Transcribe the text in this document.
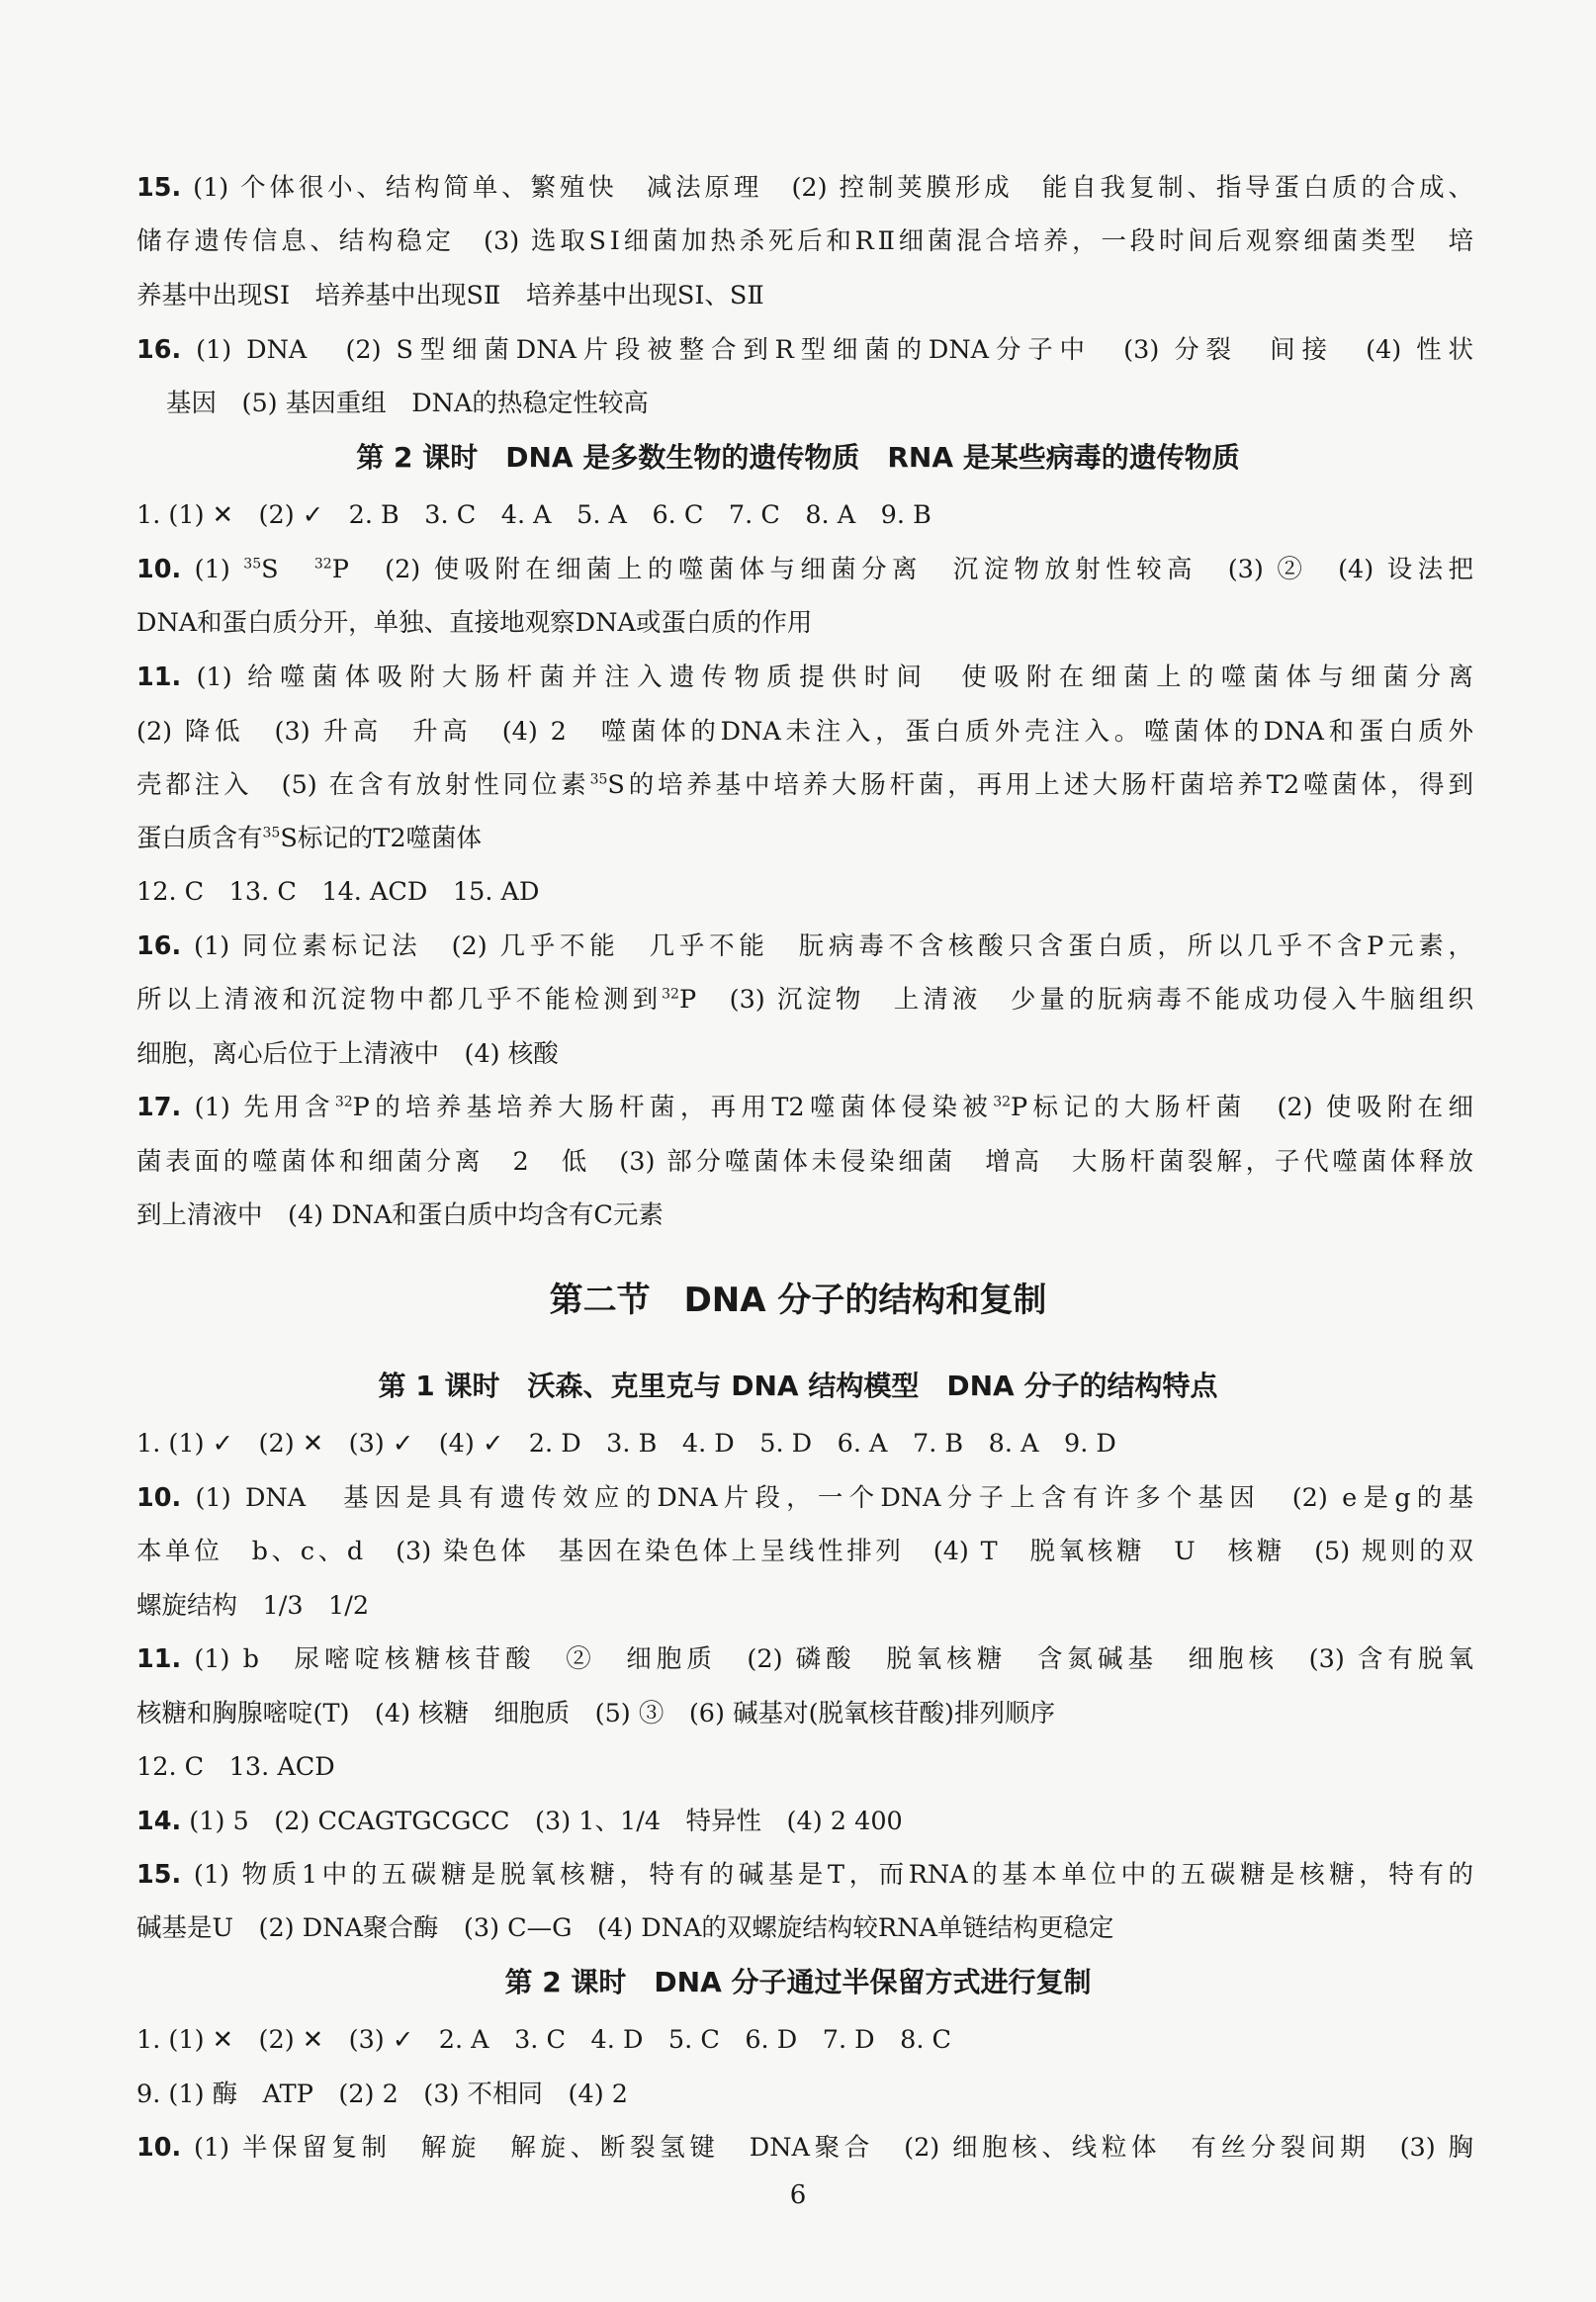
15. (1) 个体很小、结构简单、繁殖快　减法原理　(2) 控制荚膜形成　能自我复制、指导蛋白质的合成、
储存遗传信息、结构稳定　(3) 选取SⅠ细菌加热杀死后和RⅡ细菌混合培养，一段时间后观察细菌类型　培
养基中出现SⅠ　培养基中出现SⅡ　培养基中出现SⅠ、SⅡ
16. (1) DNA　(2) S型细菌DNA片段被整合到R型细菌的DNA分子中　(3) 分裂　间接　(4) 性状
基因　(5) 基因重组　DNA的热稳定性较高
第 2 课时　DNA 是多数生物的遗传物质　RNA 是某些病毒的遗传物质
1. (1) ✕　(2) ✓　2. B　3. C　4. A　5. A　6. C　7. C　8. A　9. B
10. (1) $^{35}$S　$^{32}$P　(2) 使吸附在细菌上的噬菌体与细菌分离　沉淀物放射性较高　(3) ②　(4) 设法把
DNA和蛋白质分开，单独、直接地观察DNA或蛋白质的作用
11. (1) 给噬菌体吸附大肠杆菌并注入遗传物质提供时间　使吸附在细菌上的噬菌体与细菌分离
(2) 降低　(3) 升高　升高　(4) 2　噬菌体的DNA未注入，蛋白质外壳注入。噬菌体的DNA和蛋白质外
壳都注入　(5) 在含有放射性同位素$^{35}$S的培养基中培养大肠杆菌，再用上述大肠杆菌培养T2噬菌体，得到
蛋白质含有$^{35}$S标记的T2噬菌体
12. C　13. C　14. ACD　15. AD
16. (1) 同位素标记法　(2) 几乎不能　几乎不能　朊病毒不含核酸只含蛋白质，所以几乎不含P元素，
所以上清液和沉淀物中都几乎不能检测到$^{32}$P　(3) 沉淀物　上清液　少量的朊病毒不能成功侵入牛脑组织
细胞，离心后位于上清液中　(4) 核酸
17. (1) 先用含$^{32}$P的培养基培养大肠杆菌，再用T2噬菌体侵染被$^{32}$P标记的大肠杆菌　(2) 使吸附在细
菌表面的噬菌体和细菌分离　2　低　(3) 部分噬菌体未侵染细菌　增高　大肠杆菌裂解，子代噬菌体释放
到上清液中　(4) DNA和蛋白质中均含有C元素
第二节　DNA 分子的结构和复制
第 1 课时　沃森、克里克与 DNA 结构模型　DNA 分子的结构特点
1. (1) ✓　(2) ✕　(3) ✓　(4) ✓　2. D　3. B　4. D　5. D　6. A　7. B　8. A　9. D
10. (1) DNA　基因是具有遗传效应的DNA片段，一个DNA分子上含有许多个基因　(2) e是g的基
本单位　b、c、d　(3) 染色体　基因在染色体上呈线性排列　(4) T　脱氧核糖　U　核糖　(5) 规则的双
螺旋结构　1/3　1/2
11. (1) b　尿嘧啶核糖核苷酸　②　细胞质　(2) 磷酸　脱氧核糖　含氮碱基　细胞核　(3) 含有脱氧
核糖和胸腺嘧啶(T)　(4) 核糖　细胞质　(5) ③　(6) 碱基对(脱氧核苷酸)排列顺序
12. C　13. ACD
14. (1) 5　(2) CCAGTGCGCC　(3) 1、1/4　特异性　(4) 2 400
15. (1) 物质1中的五碳糖是脱氧核糖，特有的碱基是T，而RNA的基本单位中的五碳糖是核糖，特有的
碱基是U　(2) DNA聚合酶　(3) C—G　(4) DNA的双螺旋结构较RNA单链结构更稳定
第 2 课时　DNA 分子通过半保留方式进行复制
1. (1) ✕　(2) ✕　(3) ✓　2. A　3. C　4. D　5. C　6. D　7. D　8. C
9. (1) 酶　ATP　(2) 2　(3) 不相同　(4) 2
10. (1) 半保留复制　解旋　解旋、断裂氢键　DNA聚合　(2) 细胞核、线粒体　有丝分裂间期　(3) 胸
6
